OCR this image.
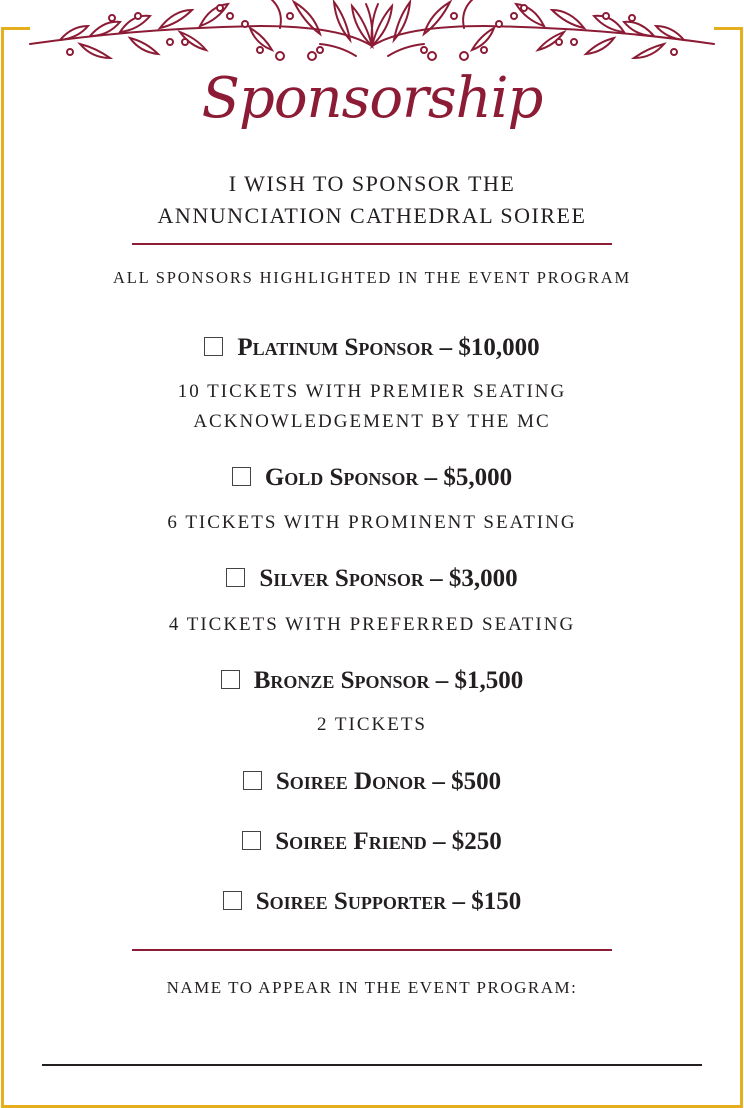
Sponsorship
I WISH TO SPONSOR THE
ANNUNCIATION CATHEDRAL SOIREE
ALL SPONSORS HIGHLIGHTED IN THE EVENT PROGRAM
Platinum Sponsor – $10,000
10 TICKETS WITH PREMIER SEATING
ACKNOWLEDGEMENT BY THE MC
Gold Sponsor – $5,000
6 TICKETS WITH PROMINENT SEATING
Silver Sponsor – $3,000
4 TICKETS WITH PREFERRED SEATING
Bronze Sponsor – $1,500
2 TICKETS
Soiree Donor – $500
Soiree Friend – $250
Soiree Supporter – $150
NAME TO APPEAR IN THE EVENT PROGRAM:
